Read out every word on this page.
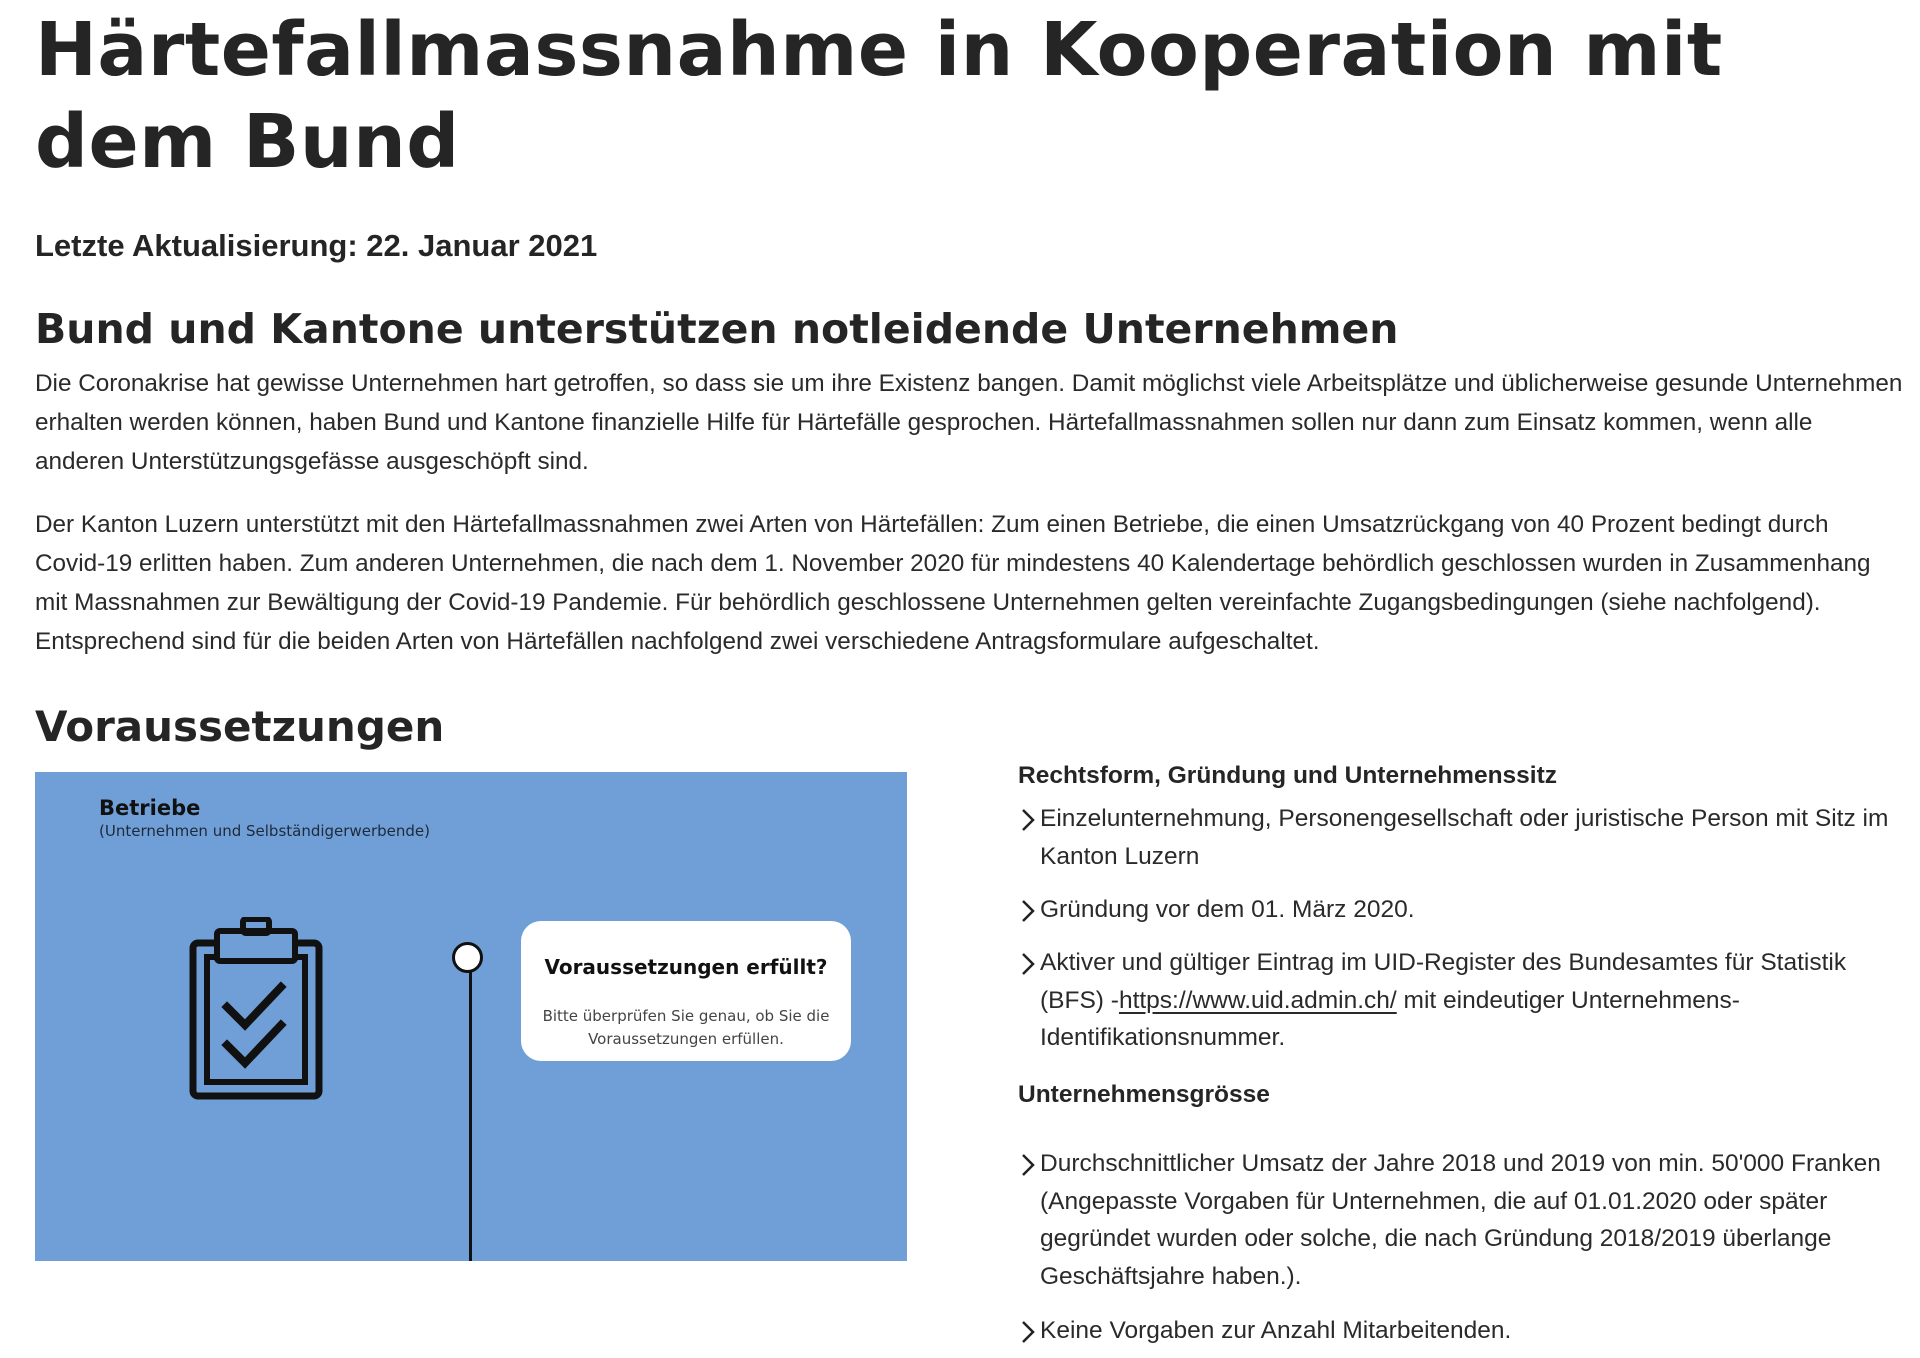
Härtefallmassnahme in Kooperation mit dem Bund

Letzte Aktualisierung: 22. Januar 2021

Bund und Kantone unterstützen notleidende Unternehmen

Die Coronakrise hat gewisse Unternehmen hart getroffen, so dass sie um ihre Existenz bangen. Damit möglichst viele Arbeitsplätze und üblicherweise gesunde Unternehmen erhalten werden können, haben Bund und Kantone finanzielle Hilfe für Härtefälle gesprochen. Härtefallmassnahmen sollen nur dann zum Einsatz kommen, wenn alle anderen Unterstützungsgefässe ausgeschöpft sind.

Der Kanton Luzern unterstützt mit den Härtefallmassnahmen zwei Arten von Härtefällen: Zum einen Betriebe, die einen Umsatzrückgang von 40 Prozent bedingt durch Covid-19 erlitten haben. Zum anderen Unternehmen, die nach dem 1. November 2020 für mindestens 40 Kalendertage behördlich geschlossen wurden in Zusammenhang mit Massnahmen zur Bewältigung der Covid-19 Pandemie. Für behördlich geschlossene Unternehmen gelten vereinfachte Zugangsbedingungen (siehe nachfolgend). Entsprechend sind für die beiden Arten von Härtefällen nachfolgend zwei verschiedene Antragsformulare aufgeschaltet.

Voraussetzungen

Betriebe

(Unternehmen und Selbständigerwerbende)

Voraussetzungen erfüllt?

Bitte überprüfen Sie genau, ob Sie die Voraussetzungen erfüllen.

Rechtsform, Gründung und Unternehmenssitz

Einzelunternehmung, Personengesellschaft oder juristische Person mit Sitz im Kanton Luzern
Gründung vor dem 01. März 2020.
Aktiver und gültiger Eintrag im UID-Register des Bundesamtes für Statistik (BFS) -https://www.uid.admin.ch/ mit eindeutiger Unternehmens-Identifikationsnummer.

Unternehmensgrösse

Durchschnittlicher Umsatz der Jahre 2018 und 2019 von min. 50'000 Franken (Angepasste Vorgaben für Unternehmen, die auf 01.01.2020 oder später gegründet wurden oder solche, die nach Gründung 2018/2019 überlange Geschäftsjahre haben.).
Keine Vorgaben zur Anzahl Mitarbeitenden.
